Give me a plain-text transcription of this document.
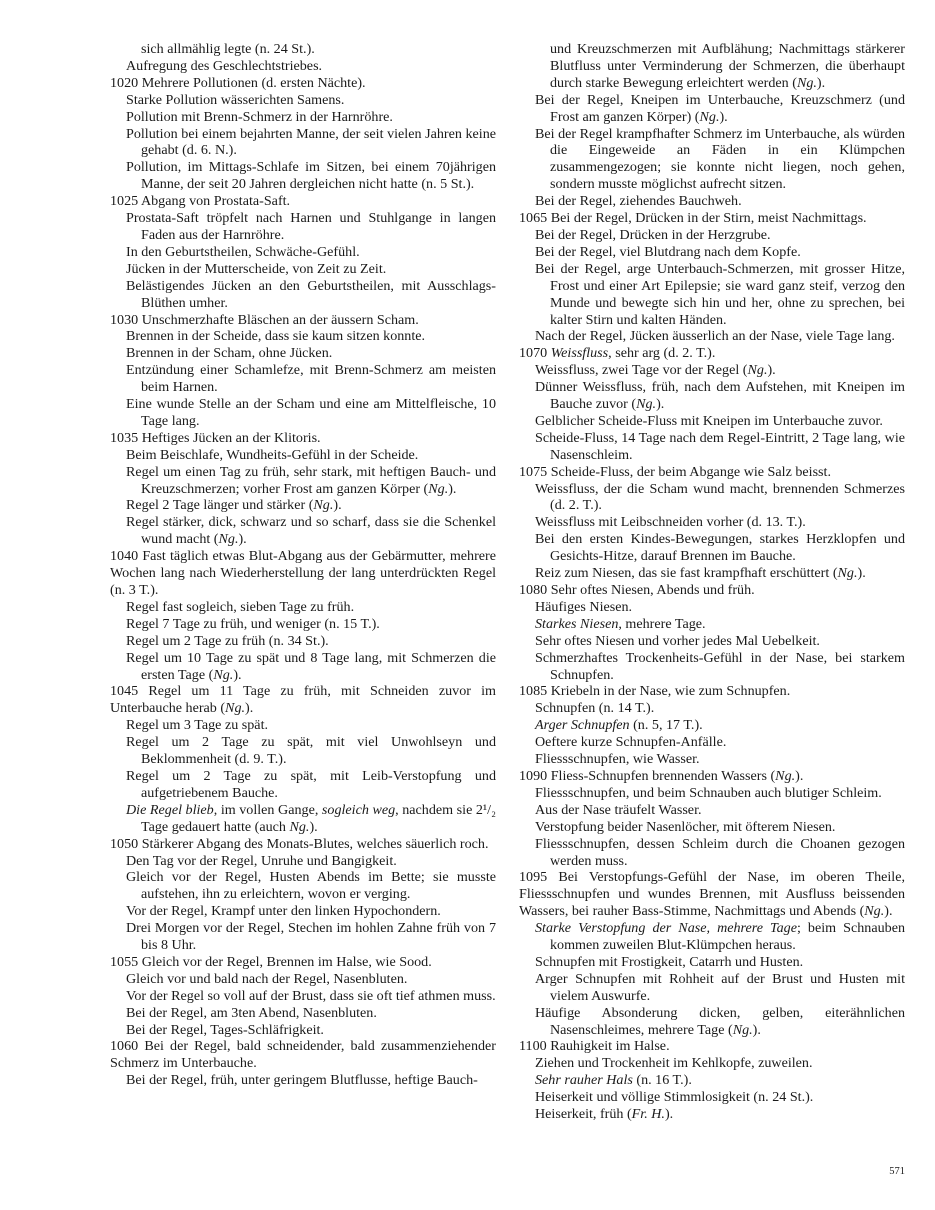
sich allmählig legte (n. 24 St.).

Aufregung des Geschlechtstriebes.

1020 Mehrere Pollutionen (d. ersten Nächte).

Starke Pollution wässerichten Samens.

Pollution mit Brenn-Schmerz in der Harnröhre.

Pollution bei einem bejahrten Manne, der seit vielen Jahren keine gehabt (d. 6. N.).

Pollution, im Mittags-Schlafe im Sitzen, bei einem 70jährigen Manne, der seit 20 Jahren dergleichen nicht hatte (n. 5 St.).

1025 Abgang von Prostata-Saft.

Prostata-Saft tröpfelt nach Harnen und Stuhlgange in langen Faden aus der Harnröhre.

In den Geburtstheilen, Schwäche-Gefühl.

Jücken in der Mutterscheide, von Zeit zu Zeit.

Belästigendes Jücken an den Geburtstheilen, mit Ausschlags-Blüthen umher.

1030 Unschmerzhafte Bläschen an der äussern Scham.

Brennen in der Scheide, dass sie kaum sitzen konnte.

Brennen in der Scham, ohne Jücken.

Entzündung einer Schamlefze, mit Brenn-Schmerz am meisten beim Harnen.

Eine wunde Stelle an der Scham und eine am Mittelfleische, 10 Tage lang.

1035 Heftiges Jücken an der Klitoris.

Beim Beischlafe, Wundheits-Gefühl in der Scheide.

Regel um einen Tag zu früh, sehr stark, mit heftigen Bauch- und Kreuzschmerzen; vorher Frost am ganzen Körper (Ng.).

Regel 2 Tage länger und stärker (Ng.).

Regel stärker, dick, schwarz und so scharf, dass sie die Schenkel wund macht (Ng.).

1040 Fast täglich etwas Blut-Abgang aus der Gebärmutter, mehrere Wochen lang nach Wiederherstellung der lang unterdrückten Regel (n. 3 T.).

Regel fast sogleich, sieben Tage zu früh.

Regel 7 Tage zu früh, und weniger (n. 15 T.).

Regel um 2 Tage zu früh (n. 34 St.).

Regel um 10 Tage zu spät und 8 Tage lang, mit Schmerzen die ersten Tage (Ng.).

1045 Regel um 11 Tage zu früh, mit Schneiden zuvor im Unterbauche herab (Ng.).

Regel um 3 Tage zu spät.

Regel um 2 Tage zu spät, mit viel Unwohlseyn und Beklommenheit (d. 9. T.).

Regel um 2 Tage zu spät, mit Leib-Verstopfung und aufgetriebenem Bauche.

Die Regel blieb, im vollen Gange, sogleich weg, nachdem sie 2¹/₂ Tage gedauert hatte (auch Ng.).

1050 Stärkerer Abgang des Monats-Blutes, welches säuerlich roch.

Den Tag vor der Regel, Unruhe und Bangigkeit.

Gleich vor der Regel, Husten Abends im Bette; sie musste aufstehen, ihn zu erleichtern, wovon er verging.

Vor der Regel, Krampf unter den linken Hypochondern.

Drei Morgen vor der Regel, Stechen im hohlen Zahne früh von 7 bis 8 Uhr.

1055 Gleich vor der Regel, Brennen im Halse, wie Sood.

Gleich vor und bald nach der Regel, Nasenbluten.

Vor der Regel so voll auf der Brust, dass sie oft tief athmen muss.

Bei der Regel, am 3ten Abend, Nasenbluten.

Bei der Regel, Tages-Schläfrigkeit.

1060 Bei der Regel, bald schneidender, bald zusammenziehender Schmerz im Unterbauche.

Bei der Regel, früh, unter geringem Blutflusse, heftige Bauch-

und Kreuzschmerzen mit Aufblähung; Nachmittags stärkerer Blutfluss unter Verminderung der Schmerzen, die überhaupt durch starke Bewegung erleichtert werden (Ng.).

Bei der Regel, Kneipen im Unterbauche, Kreuzschmerz (und Frost am ganzen Körper) (Ng.).

Bei der Regel krampfhafter Schmerz im Unterbauche, als würden die Eingeweide an Fäden in ein Klümpchen zusammengezogen; sie konnte nicht liegen, noch gehen, sondern musste möglichst aufrecht sitzen.

Bei der Regel, ziehendes Bauchweh.

1065 Bei der Regel, Drücken in der Stirn, meist Nachmittags.

Bei der Regel, Drücken in der Herzgrube.

Bei der Regel, viel Blutdrang nach dem Kopfe.

Bei der Regel, arge Unterbauch-Schmerzen, mit grosser Hitze, Frost und einer Art Epilepsie; sie ward ganz steif, verzog den Munde und bewegte sich hin und her, ohne zu sprechen, bei kalter Stirn und kalten Händen.

Nach der Regel, Jücken äusserlich an der Nase, viele Tage lang.

1070 Weissfluss, sehr arg (d. 2. T.).

Weissfluss, zwei Tage vor der Regel (Ng.).

Dünner Weissfluss, früh, nach dem Aufstehen, mit Kneipen im Bauche zuvor (Ng.).

Gelblicher Scheide-Fluss mit Kneipen im Unterbauche zuvor.

Scheide-Fluss, 14 Tage nach dem Regel-Eintritt, 2 Tage lang, wie Nasenschleim.

1075 Scheide-Fluss, der beim Abgange wie Salz beisst.

Weissfluss, der die Scham wund macht, brennenden Schmerzes (d. 2. T.).

Weissfluss mit Leibschneiden vorher (d. 13. T.).

Bei den ersten Kindes-Bewegungen, starkes Herzklopfen und Gesichts-Hitze, darauf Brennen im Bauche.

Reiz zum Niesen, das sie fast krampfhaft erschüttert (Ng.).

1080 Sehr oftes Niesen, Abends und früh.

Häufiges Niesen.

Starkes Niesen, mehrere Tage.

Sehr oftes Niesen und vorher jedes Mal Uebelkeit.

Schmerzhaftes Trockenheits-Gefühl in der Nase, bei starkem Schnupfen.

1085 Kriebeln in der Nase, wie zum Schnupfen.

Schnupfen (n. 14 T.).

Arger Schnupfen (n. 5, 17 T.).

Oeftere kurze Schnupfen-Anfälle.

Fliessschnupfen, wie Wasser.

1090 Fliess-Schnupfen brennenden Wassers (Ng.).

Fliessschnupfen, und beim Schnauben auch blutiger Schleim.

Aus der Nase träufelt Wasser.

Verstopfung beider Nasenlöcher, mit öfterem Niesen.

Fliessschnupfen, dessen Schleim durch die Choanen gezogen werden muss.

1095 Bei Verstopfungs-Gefühl der Nase, im oberen Theile, Fliessschnupfen und wundes Brennen, mit Ausfluss beissenden Wassers, bei rauher Bass-Stimme, Nachmittags und Abends (Ng.).

Starke Verstopfung der Nase, mehrere Tage; beim Schnauben kommen zuweilen Blut-Klümpchen heraus.

Schnupfen mit Frostigkeit, Catarrh und Husten.

Arger Schnupfen mit Rohheit auf der Brust und Husten mit vielem Auswurfe.

Häufige Absonderung dicken, gelben, eiterähnlichen Nasenschleimes, mehrere Tage (Ng.).

1100 Rauhigkeit im Halse.

Ziehen und Trockenheit im Kehlkopfe, zuweilen.

Sehr rauher Hals (n. 16 T.).

Heiserkeit und völlige Stimmlosigkeit (n. 24 St.).

Heiserkeit, früh (Fr. H.).

571
